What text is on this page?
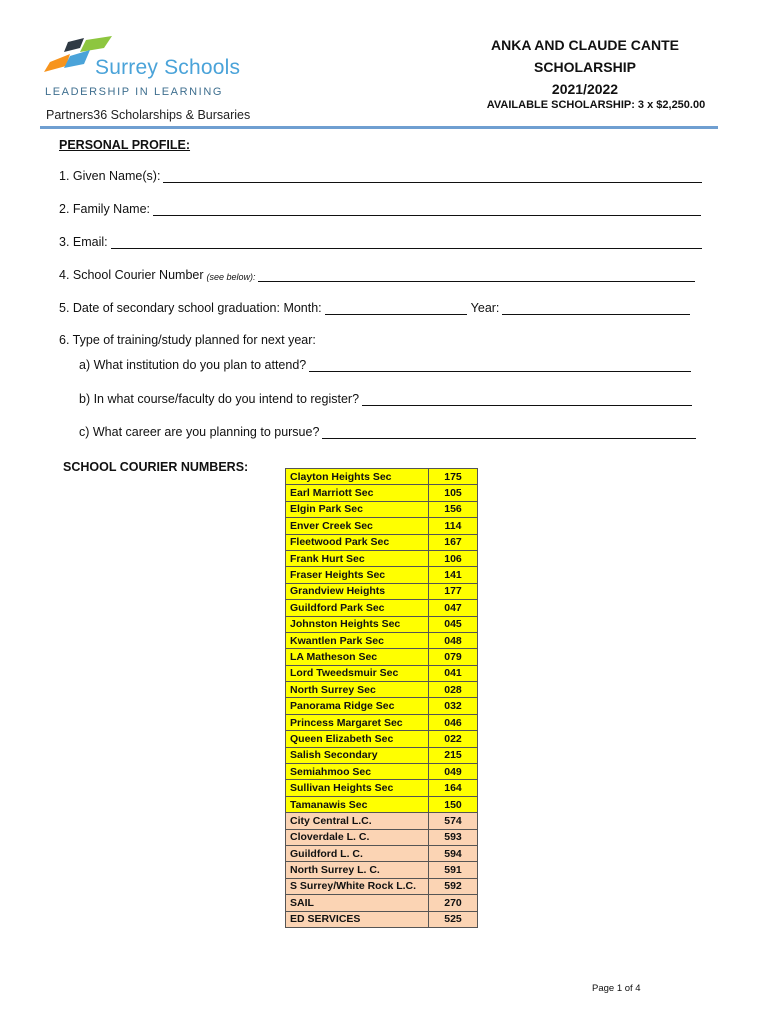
Surrey Schools
LEADERSHIP IN LEARNING
Partners36 Scholarships & Bursaries
ANKA AND CLAUDE CANTE
SCHOLARSHIP
2021/2022
AVAILABLE SCHOLARSHIP: 3 x $2,250.00
PERSONAL PROFILE:
1. Given Name(s):
2. Family Name:
3. Email:
4. School Courier Number (see below):
5. Date of secondary school graduation: Month:	Year:
6. Type of training/study planned for next year:
a) What institution do you plan to attend?
b) In what course/faculty do you intend to register?
c) What career are you planning to pursue?
SCHOOL COURIER NUMBERS:
Clayton Heights Sec	175
Earl Marriott Sec	105
Elgin Park Sec	156
Enver Creek Sec	114
Fleetwood Park Sec	167
Frank Hurt Sec	106
Fraser Heights Sec	141
Grandview Heights	177
Guildford Park Sec	047
Johnston Heights Sec	045
Kwantlen Park Sec	048
LA Matheson Sec	079
Lord Tweedsmuir Sec	041
North Surrey Sec	028
Panorama Ridge Sec	032
Princess Margaret Sec	046
Queen Elizabeth Sec	022
Salish Secondary	215
Semiahmoo Sec	049
Sullivan Heights Sec	164
Tamanawis Sec	150
City Central L.C.	574
Cloverdale L. C.	593
Guildford L. C.	594
North Surrey L. C.	591
S Surrey/White Rock L.C.	592
SAIL	270
ED SERVICES	525
Page 1 of 4
